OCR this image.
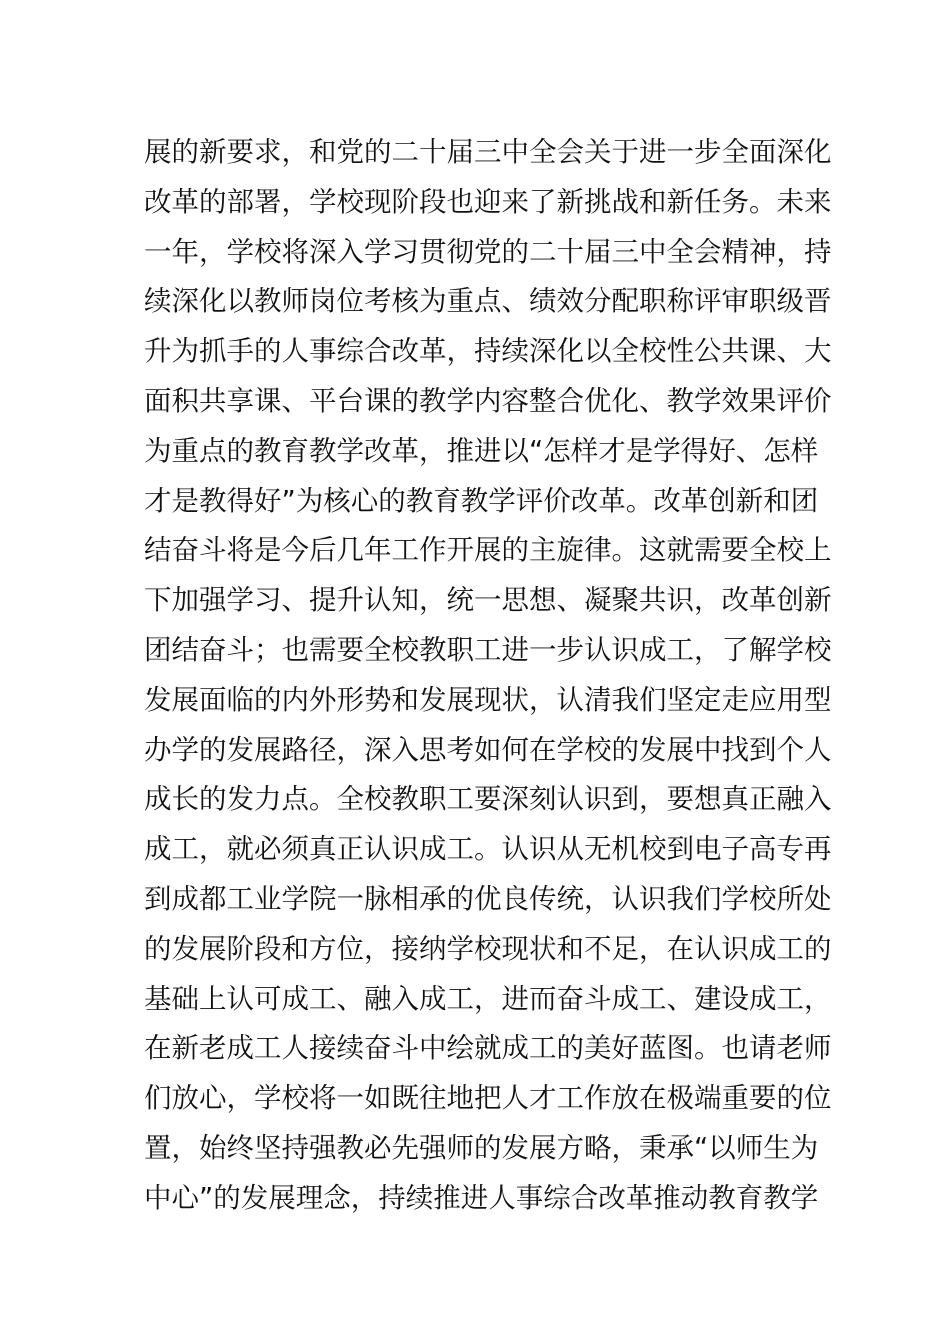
展的新要求，和党的二十届三中全会关于进一步全面深化
改革的部署，学校现阶段也迎来了新挑战和新任务。未来
一年，学校将深入学习贯彻党的二十届三中全会精神，持
续深化以教师岗位考核为重点、绩效分配职称评审职级晋
升为抓手的人事综合改革，持续深化以全校性公共课、大
面积共享课、平台课的教学内容整合优化、教学效果评价
为重点的教育教学改革，推进以“怎样才是学得好、怎样
才是教得好”为核心的教育教学评价改革。改革创新和团
结奋斗将是今后几年工作开展的主旋律。这就需要全校上
下加强学习、提升认知，统一思想、凝聚共识，改革创新
团结奋斗；也需要全校教职工进一步认识成工，了解学校
发展面临的内外形势和发展现状，认清我们坚定走应用型
办学的发展路径，深入思考如何在学校的发展中找到个人
成长的发力点。全校教职工要深刻认识到，要想真正融入
成工，就必须真正认识成工。认识从无机校到电子高专再
到成都工业学院一脉相承的优良传统，认识我们学校所处
的发展阶段和方位，接纳学校现状和不足，在认识成工的
基础上认可成工、融入成工，进而奋斗成工、建设成工，
在新老成工人接续奋斗中绘就成工的美好蓝图。也请老师
们放心，学校将一如既往地把人才工作放在极端重要的位
置，始终坚持强教必先强师的发展方略，秉承“以师生为
中心”的发展理念，持续推进人事综合改革推动教育教学
